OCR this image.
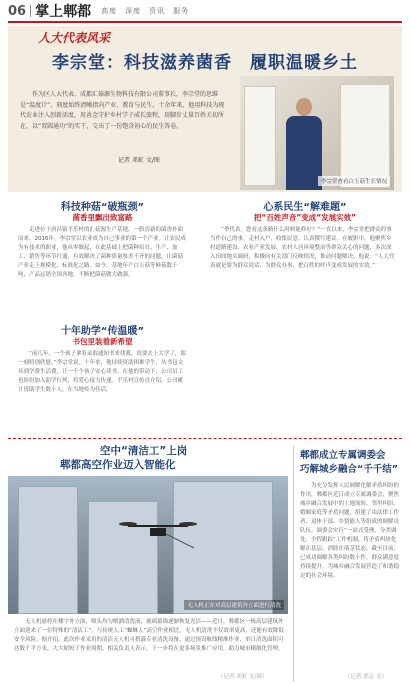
06 掌上郫都 高度　深度　资讯　服务
人大代表风采
李宗堂：科技滋养菌香　履职温暖乡土
作为区人大代表、成都汇菇源生物科技有限公司董事长，李宗堂的思维是“温度计”，刻度始终清晰指向产业、教育与民生。十余年来，他用科技为现代农业注入创新活度，用善念守护乡村学子成长旅程，用脚步丈量百姓关切所在，以“双圆通功”的实干，交出了一份饱含初心的民生答卷。
记者 邓虹 文/图
李宗堂查看白玉菇生长情况
科技种菇“破瓶颈”
菌香里飘出致富路
走进位于唐昌镇平乐村的汇菇源生产基地，一股清新的菌香扑面而来。2016年，李宗堂以农业成为自己事业的第一个产业。让农民成为有技术的职业，他从零做起，在此基础上把菌种培育、生产、加工、销售等环节打通，有效解决了菌种质量参差不齐的问题，让菌菇产业走上规模化、标准化之路。如今，基地年产白玉菇等鲜菇数千吨，产品远销全国各地，不断把菌菇做大做强。
十年助学“传温暖”
书包里装着新希望
“前几年，一个孩子拿着录取通知书来找我，说要去上大学了，那一刻特别欣慰。”李宗堂说。十年来，他持续资助困难学生，从书包文具到学费生活费，让一个个孩子安心读书。在他的带动下，公司员工也纷纷加入助学行列，将爱心接力传递。平乐村宣传员介绍，公司累计资助学生数十人，在当地传为佳话。
心系民生“解难题”
把“百姓声音”变成“发展实效”
“李代表，您看这条路什么时候能修好？”一直以来，李宗堂把群众的事当作自己的事，走村入户，收集民意，认真撰写建议。在履职中，他聚焦乡村道路建设、农业产业发展、农村人居环境整治等群众关心的问题，多次深入田间地头调研，积极向有关部门反映情况，推动问题解决。他说：“人大代表就是要为群众说话、为群众办事，把百姓的呼声变成发展的实效。”
空中“清洁工”上岗
郫都高空作业迈入智能化
无人机正在对高层建筑外立面进行清洗
无人机悬停在楼宇外立面，喷头均匀喷洒清洗液，玻璃幕墙逐渐恢复光洁——近日，郫都区一栋高层建筑外立面迎来了一位特殊的“清洁工”。与传统人工“蜘蛛人”高空作业相比，无人机清洗不仅效率更高，还能有效降低安全风险。据介绍，此次作业采用的清洁无人机可搭载专业清洗设备，通过预设航线精准作业，单日清洗面积可达数千平方米，大大缩短了作业周期。相关负责人表示，下一步将在更多场景推广应用，助力城市精细化管理。
（记者 邓虹 文/图）
郫都成立专属调委会
巧解城乡融合“千千结”
为充分发挥人民调解化解矛盾纠纷的作用，郫都区近日成立专属调委会，聚焦城乡融合发展中的土地流转、邻里纠纷、婚姻家庭等矛盾问题，组建了由法律工作者、退休干部、乡贤能人等组成的调解员队伍。调委会实行“一站式受理、分类调处、全程跟踪”工作机制，将矛盾纠纷化解在基层、消除在萌芽状态。截至目前，已成功调解各类纠纷数十件，群众满意度持续提升，为城乡融合发展营造了和谐稳定的社会环境。
（记者 郭志 文）
